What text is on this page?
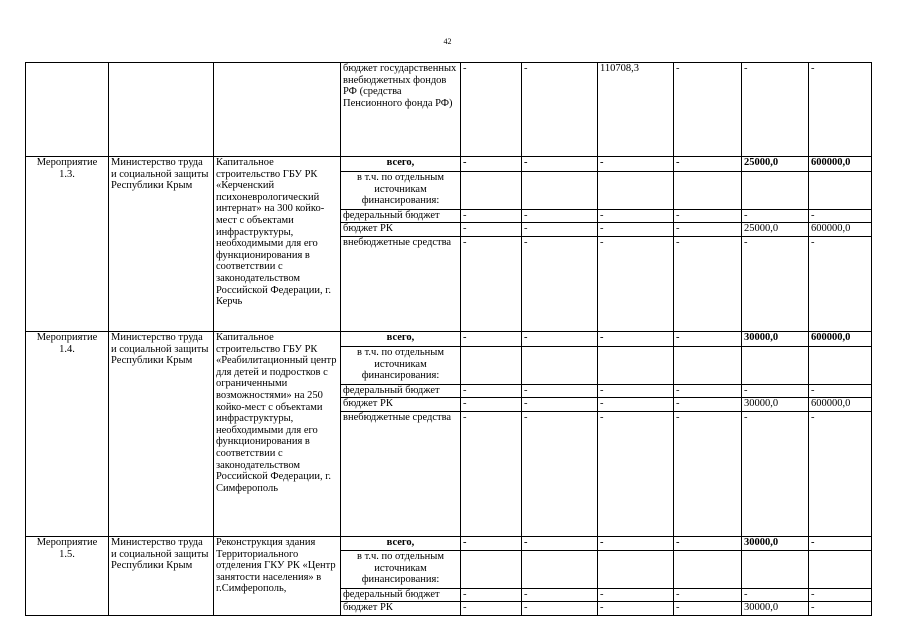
42
			бюджет государственных внебюджетных фондов РФ (средства Пенсионного фонда РФ)	-	-	110708,3	-	-	-
Мероприятие 1.3.	Министерство труда и социальной защиты Республики Крым	Капитальное строительство ГБУ РК «Керченский психоневрологический интернат» на 300 койко-мест с объектами инфраструктуры, необходимыми для его функционирования в соответствии с законодательством Российской Федерации, г. Керчь	всего,	-	-	-	-	25000,0	600000,0
			в т.ч. по отдельным источникам финансирования:						
			федеральный бюджет	-	-	-	-	-	-
			бюджет РК	-	-	-	-	25000,0	600000,0
			внебюджетные средства	-	-	-	-	-	-
Мероприятие 1.4.	Министерство труда и социальной защиты Республики Крым	Капитальное строительство ГБУ РК «Реабилитационный центр для детей и подростков с ограниченными возможностями» на 250 койко-мест с объектами инфраструктуры, необходимыми для его функционирования в соответствии с законодательством Российской Федерации, г. Симферополь	всего,	-	-	-	-	30000,0	600000,0
			в т.ч. по отдельным источникам финансирования:						
			федеральный бюджет	-	-	-	-	-	-
			бюджет РК	-	-	-	-	30000,0	600000,0
			внебюджетные средства	-	-	-	-	-	-
Мероприятие 1.5.	Министерство труда и социальной защиты Республики Крым	Реконструкция здания Территориального отделения ГКУ РК «Центр занятости населения» в г.Симферополь,	всего,	-	-	-	-	30000,0	-
			в т.ч. по отдельным источникам финансирования:						
			федеральный бюджет	-	-	-	-	-	-
			бюджет РК	-	-	-	-	30000,0	-
